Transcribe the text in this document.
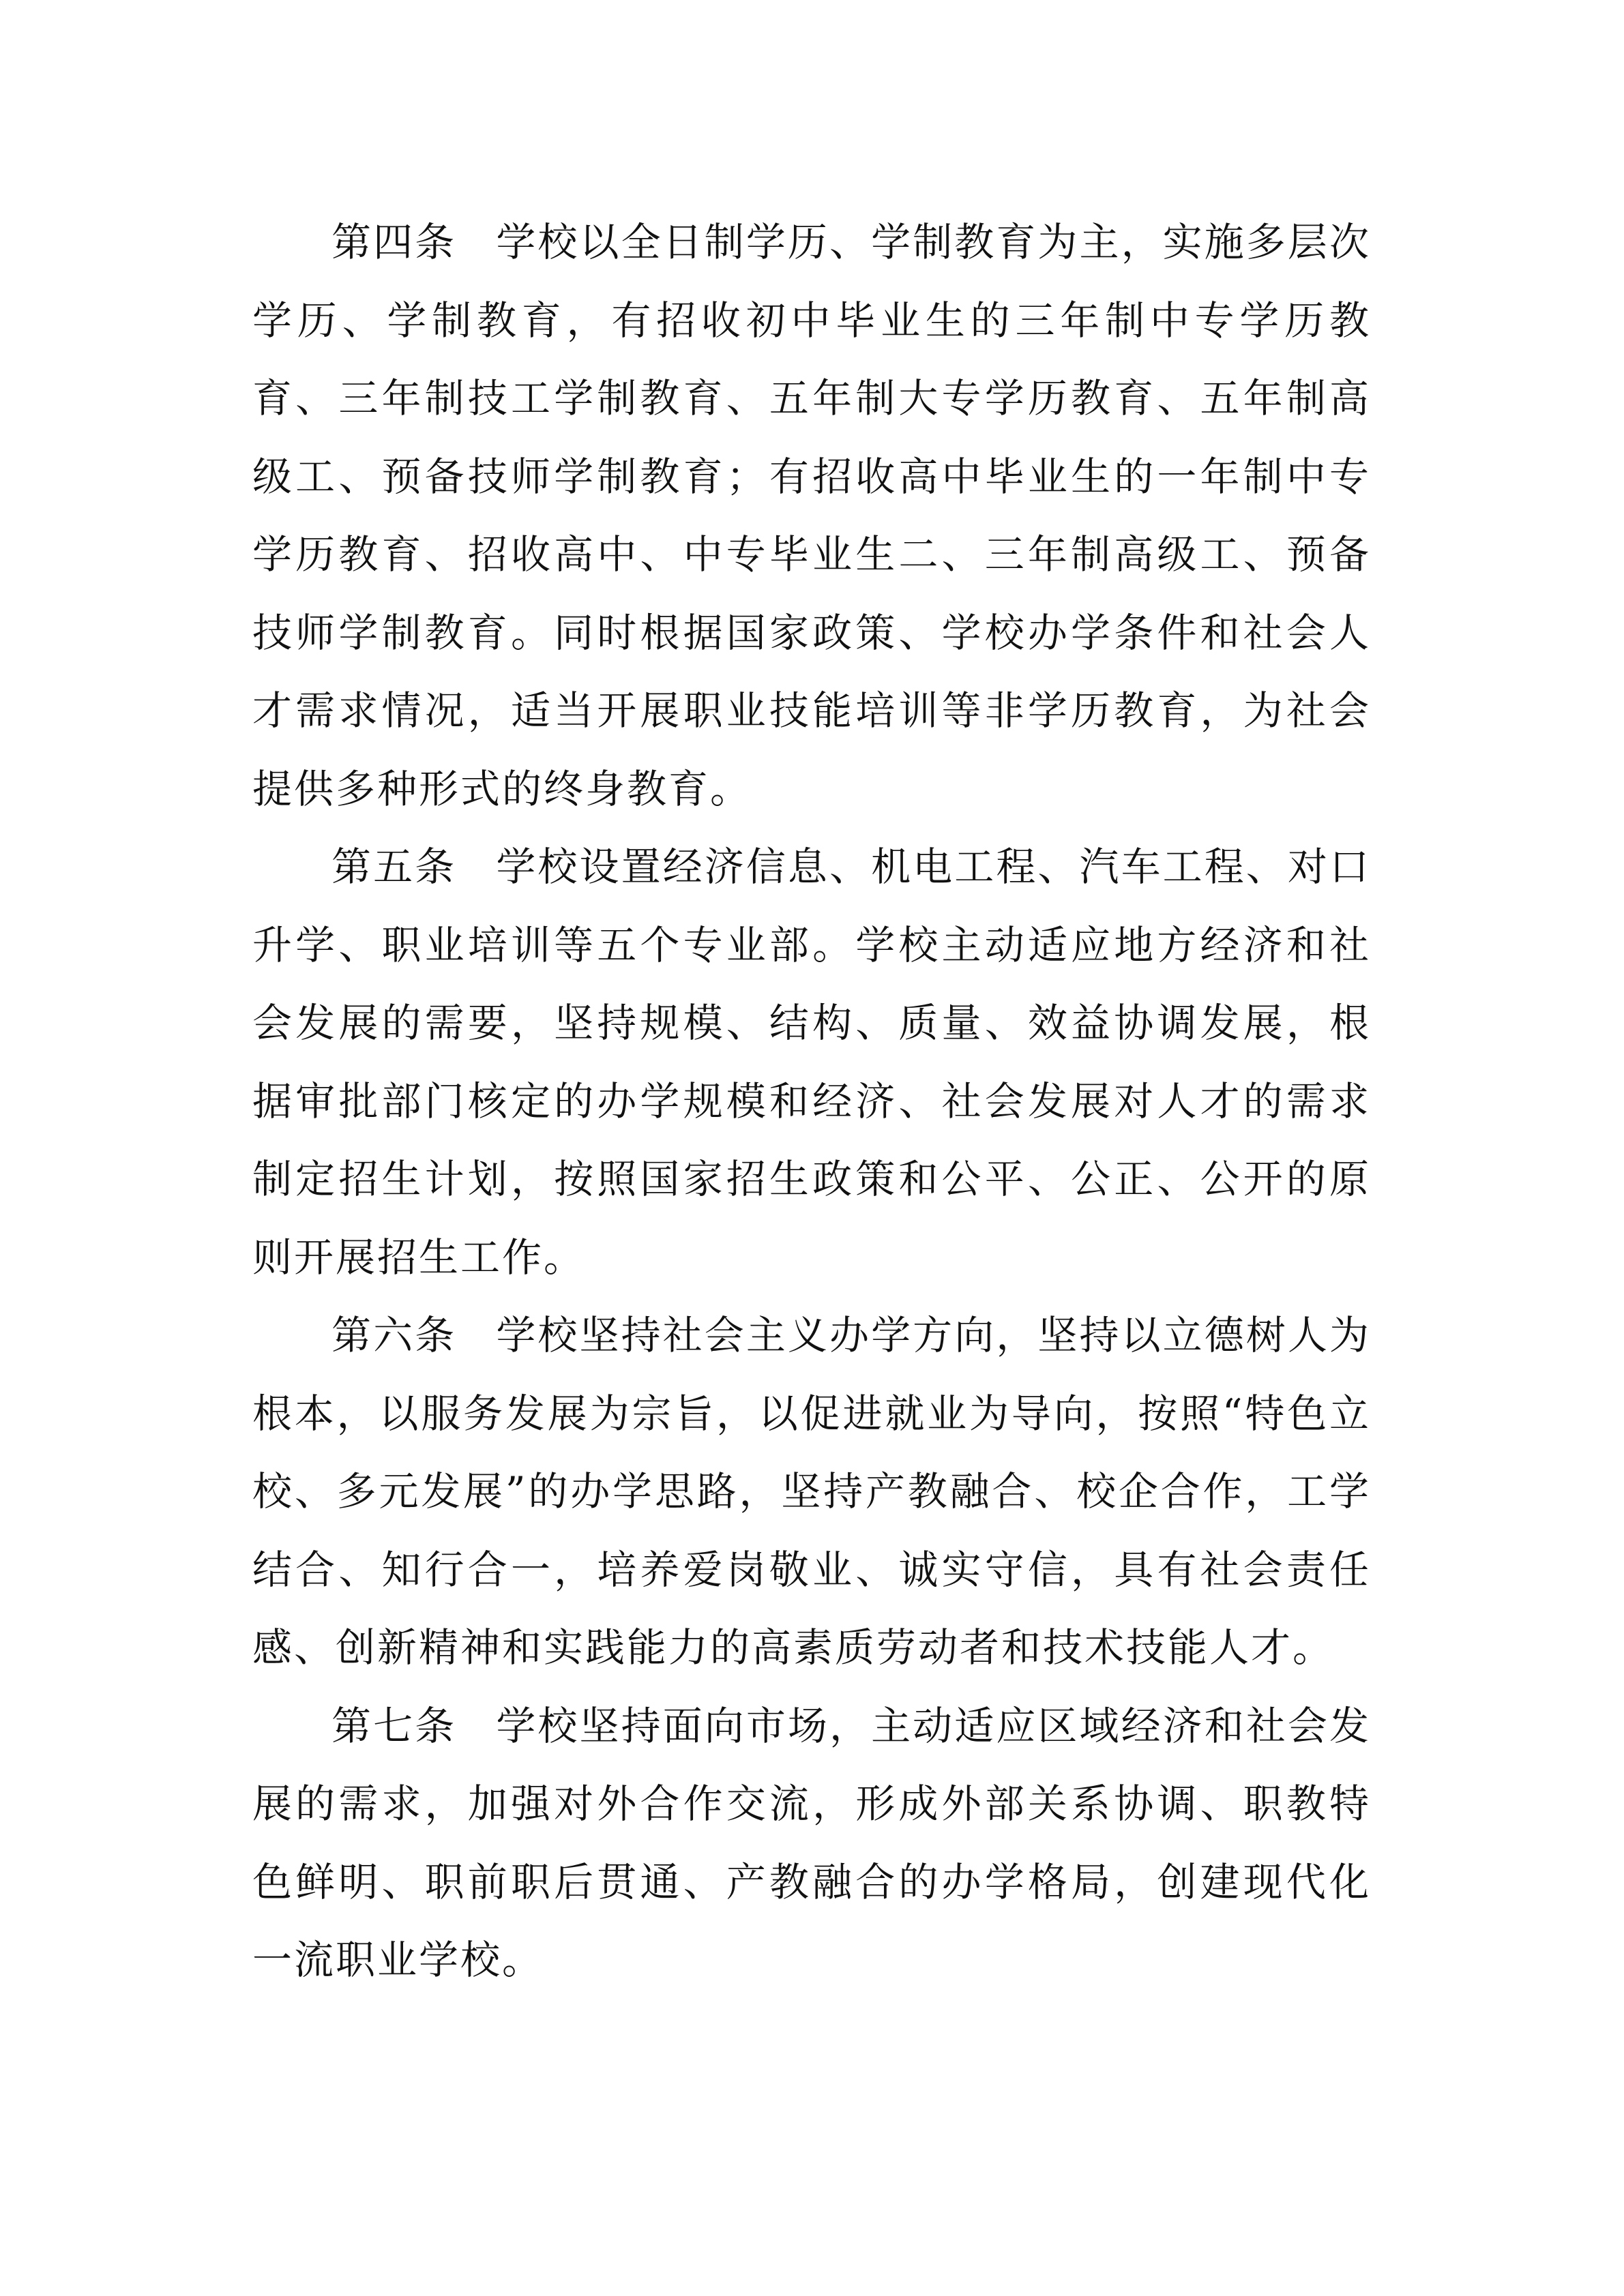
第四条 学校以全日制学历、学制教育为主，实施多层次学历、学制教育，有招收初中毕业生的三年制中专学历教育、三年制技工学制教育、五年制大专学历教育、五年制高级工、预备技师学制教育；有招收高中毕业生的一年制中专学历教育、招收高中、中专毕业生二、三年制高级工、预备技师学制教育。同时根据国家政策、学校办学条件和社会人才需求情况，适当开展职业技能培训等非学历教育，为社会提供多种形式的终身教育。

第五条 学校设置经济信息、机电工程、汽车工程、对口升学、职业培训等五个专业部。学校主动适应地方经济和社会发展的需要，坚持规模、结构、质量、效益协调发展，根据审批部门核定的办学规模和经济、社会发展对人才的需求制定招生计划，按照国家招生政策和公平、公正、公开的原则开展招生工作。

第六条 学校坚持社会主义办学方向，坚持以立德树人为根本，以服务发展为宗旨，以促进就业为导向，按照“特色立校、多元发展”的办学思路，坚持产教融合、校企合作，工学结合、知行合一，培养爱岗敬业、诚实守信，具有社会责任感、创新精神和实践能力的高素质劳动者和技术技能人才。

第七条 学校坚持面向市场，主动适应区域经济和社会发展的需求，加强对外合作交流，形成外部关系协调、职教特色鲜明、职前职后贯通、产教融合的办学格局，创建现代化一流职业学校。
